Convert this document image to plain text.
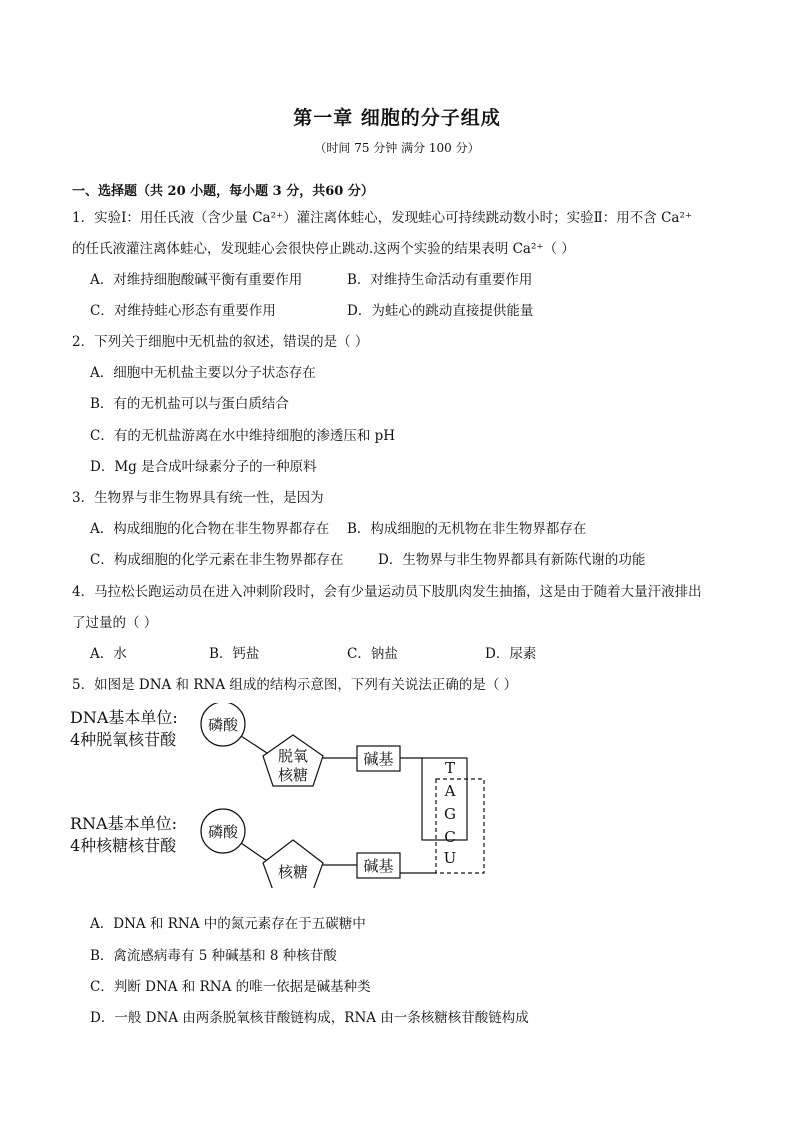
第一章 细胞的分子组成
（时间 75 分钟 满分 100 分）
一、选择题（共 20 小题，每小题 3 分，共60 分）
1．实验Ⅰ：用任氏液（含少量 Ca²⁺）灌注离体蛙心，发现蛙心可持续跳动数小时；实验Ⅱ：用不含 Ca²⁺
的任氏液灌注离体蛙心，发现蛙心会很快停止跳动.这两个实验的结果表明 Ca²⁺（ ）
A．对维持细胞酸碱平衡有重要作用	B．对维持生命活动有重要作用
C．对维持蛙心形态有重要作用	D．为蛙心的跳动直接提供能量
2．下列关于细胞中无机盐的叙述，错误的是（ ）
A．细胞中无机盐主要以分子状态存在
B．有的无机盐可以与蛋白质结合
C．有的无机盐游离在水中维持细胞的渗透压和 pH
D．Mg 是合成叶绿素分子的一种原料
3．生物界与非生物界具有统一性，是因为
A．构成细胞的化合物在非生物界都存在 B．构成细胞的无机物在非生物界都存在
C．构成细胞的化学元素在非生物界都存在	D．生物界与非生物界都具有新陈代谢的功能
4．马拉松长跑运动员在进入冲刺阶段时，会有少量运动员下肢肌肉发生抽搐，这是由于随着大量汗液排出
了过量的（ ）
A．水	B．钙盐	C．钠盐	D．尿素
5．如图是 DNA 和 RNA 组成的结构示意图，下列有关说法正确的是（ ）
DNA基本单位:
4种脱氧核苷酸
磷酸
脱氧
核糖
碱基	T
A
G
C
U
RNA基本单位:
4种核糖核苷酸
磷酸
核糖	碱基
A．DNA 和 RNA 中的氮元素存在于五碳糖中
B．禽流感病毒有 5 种碱基和 8 种核苷酸
C．判断 DNA 和 RNA 的唯一依据是碱基种类
D．一般 DNA 由两条脱氧核苷酸链构成，RNA 由一条核糖核苷酸链构成
